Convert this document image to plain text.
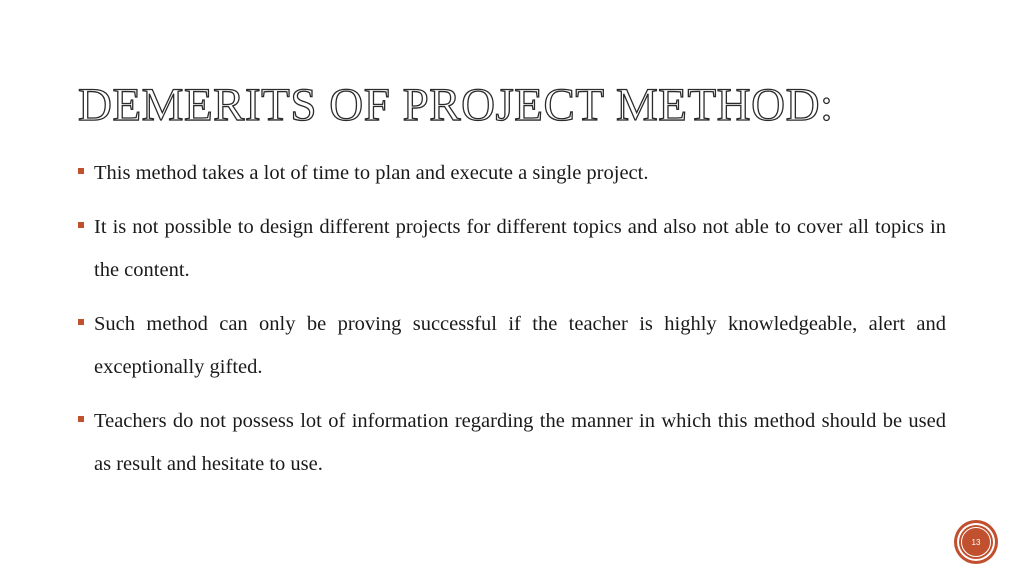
DEMERITS OF PROJECT METHOD:
This method takes a lot of time to plan and execute a single project.
It is not possible to design different projects for different topics and also not able to cover all topics in the content.
Such method can only be proving successful if the teacher is highly knowledgeable, alert and exceptionally gifted.
Teachers do not possess lot of information regarding the manner in which this method should be used as result and hesitate to use.
13
